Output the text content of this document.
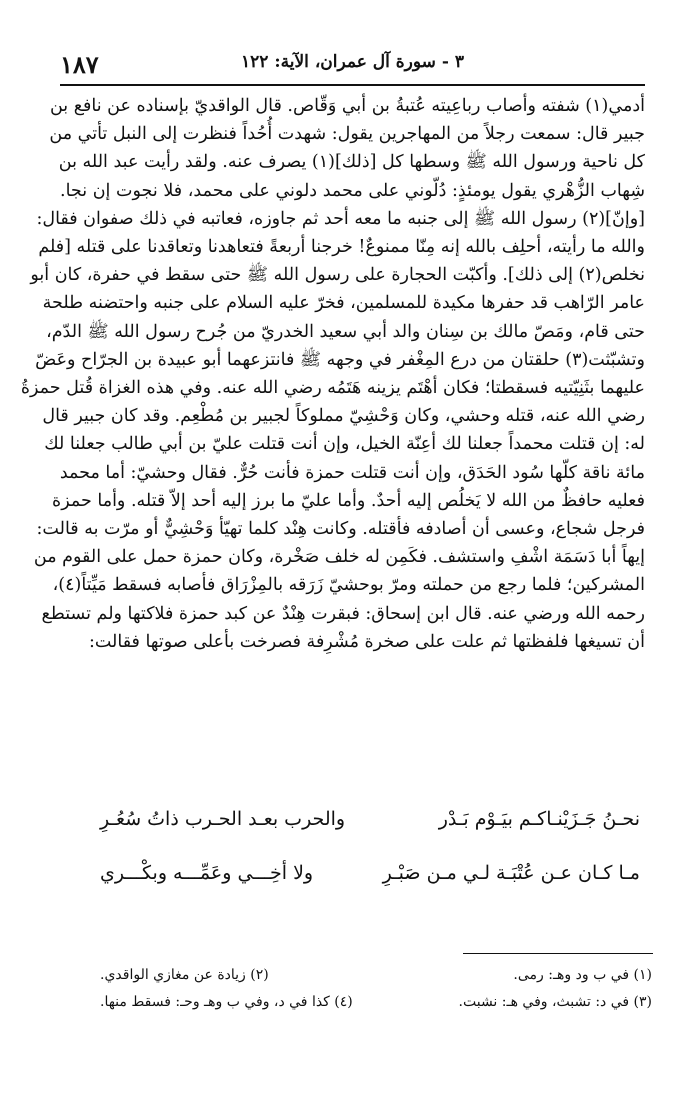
١٨٧	٣ - سورة آل عمران، الآية: ١٢٢
أدمي(١) شفته وأصاب رباعِيته عُتبةُ بن أبي وَقّاص. قال الواقديّ بإسناده عن نافع بن
جبير قال: سمعت رجلاً من المهاجرين يقول: شهدت أُحُداً فنظرت إلى النبل تأتي من
كل ناحية ورسول الله ﷺ وسطها كل [ذلك](١) يصرف عنه. ولقد رأيت عبد الله بن
شِهاب الزُّهْري يقول يومئذٍ: دُلّوني على محمد دلوني على محمد، فلا نجوت إن نجا.
[وإنّ](٢) رسول الله ﷺ إلى جنبه ما معه أحد ثم جاوزه، فعاتبه في ذلك صفوان فقال:
والله ما رأيته، أحلِف بالله إنه مِنّا ممنوعٌ! خرجنا أربعةً فتعاهدنا وتعاقدنا على قتله [فلم
نخلص(٢) إلى ذلك]. وأكبّت الحجارة على رسول الله ﷺ حتى سقط في حفرة، كان أبو
عامر الرّاهب قد حفرها مكيدة للمسلمين، فخرّ عليه السلام على جنبه واحتضنه طلحة
حتى قام، ومَصّ مالك بن سِنان والد أبي سعيد الخدريّ من جُرح رسول الله ﷺ الدّم،
وتشبّثت(٣) حلقتان من درع المِغْفر في وجهه ﷺ فانتزعهما أبو عبيدة بن الجرّاح وعَضّ
عليهما بثَنِيّتيه فسقطتا؛ فكان أهْتَم يزينه هَتَمُه رضي الله عنه. وفي هذه الغزاة قُتل حمزةُ
رضي الله عنه، قتله وحشي، وكان وَحْشِيّ مملوكاً لجبير بن مُطْعِم. وقد كان جبير قال
له: إن قتلت محمداً جعلنا لك أعِنّة الخيل، وإن أنت قتلت عليّ بن أبي طالب جعلنا لك
مائة ناقة كلّها سُود الحَدَق، وإن أنت قتلت حمزة فأنت حُرٌّ. فقال وحشيّ: أما محمد
فعليه حافظٌ من الله لا يَخلُص إليه أحدٌ. وأما عليّ ما برز إليه أحد إلاّ قتله. وأما حمزة
فرجل شجاع، وعسى أن أصادفه فأقتله. وكانت هِنْد كلما تهيّأ وَحْشِيٌّ أو مرّت به قالت:
إيهاً أبا دَسَمَة اشْفِ واستشف. فكَمِن له خلف صَخْرة، وكان حمزة حمل على القوم من
المشركين؛ فلما رجع من حملته ومرّ بوحشيّ زَرَقه بالمِزْرَاق فأصابه فسقط مَيِّتاً(٤)،
رحمه الله ورضي عنه. قال ابن إسحاق: فبقرت هِنْدٌ عن كبد حمزة فلاكتها ولم تستطع
أن تسيغها فلفظتها ثم علت على صخرة مُشْرِفة فصرخت بأعلى صوتها فقالت:
نحـنُ جَـزَيْنـاكـم بيَـوْم بَـدْر
والحرب بعـد الحـرب ذاتُ سُعُـرِ
مـا كـان عـن عُتْبَـة لـي مـن صَبْـرِ
ولا أخِـــي وعَمِّـــه وبكْـــري
(١) في ب ود وهـ: رمى.
(٢) زيادة عن مغازي الواقدي.
(٣) في د: تشبث، وفي هـ: نشبت.
(٤) كذا في د، وفي ب وهـ وحـ: فسقط منها.
